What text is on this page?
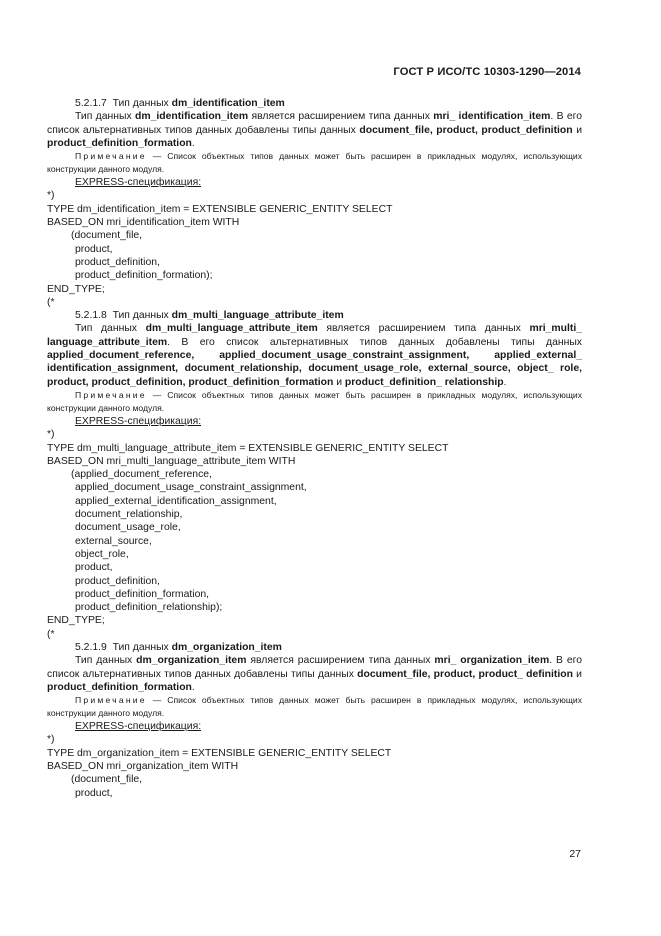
ГОСТ Р ИСО/ТС 10303-1290—2014

5.2.1.7 Тип данных dm_identification_item

Тип данных dm_identification_item является расширением типа данных mri_ identification_item. В его список альтернативных типов данных добавлены типы данных document_file, product, product_definition и product_definition_formation.

Примечание — Список объектных типов данных может быть расширен в прикладных модулях, использующих конструкции данного модуля.

EXPRESS-спецификация:

*)
TYPE dm_identification_item = EXTENSIBLE GENERIC_ENTITY SELECT
BASED_ON mri_identification_item WITH
(document_file,
product,
product_definition,
product_definition_formation);
END_TYPE;
(*

5.2.1.8 Тип данных dm_multi_language_attribute_item

Тип данных dm_multi_language_attribute_item является расширением типа данных mri_multi_ language_attribute_item. В его список альтернативных типов данных добавлены типы данных applied_document_reference, applied_document_usage_constraint_assignment, applied_external_ identification_assignment, document_relationship, document_usage_role, external_source, object_ role, product, product_definition, product_definition_formation и product_definition_ relationship.

Примечание — Список объектных типов данных может быть расширен в прикладных модулях, использующих конструкции данного модуля.

EXPRESS-спецификация:

*)
TYPE dm_multi_language_attribute_item = EXTENSIBLE GENERIC_ENTITY SELECT
BASED_ON mri_multi_language_attribute_item WITH
(applied_document_reference,
applied_document_usage_constraint_assignment,
applied_external_identification_assignment,
document_relationship,
document_usage_role,
external_source,
object_role,
product,
product_definition,
product_definition_formation,
product_definition_relationship);
END_TYPE;
(*

5.2.1.9 Тип данных dm_organization_item

Тип данных dm_organization_item является расширением типа данных mri_ organization_item. В его список альтернативных типов данных добавлены типы данных document_file, product, product_ definition и product_definition_formation.

Примечание — Список объектных типов данных может быть расширен в прикладных модулях, использующих конструкции данного модуля.

EXPRESS-спецификация:

*)
TYPE dm_organization_item = EXTENSIBLE GENERIC_ENTITY SELECT
BASED_ON mri_organization_item WITH
(document_file,
product,
27
